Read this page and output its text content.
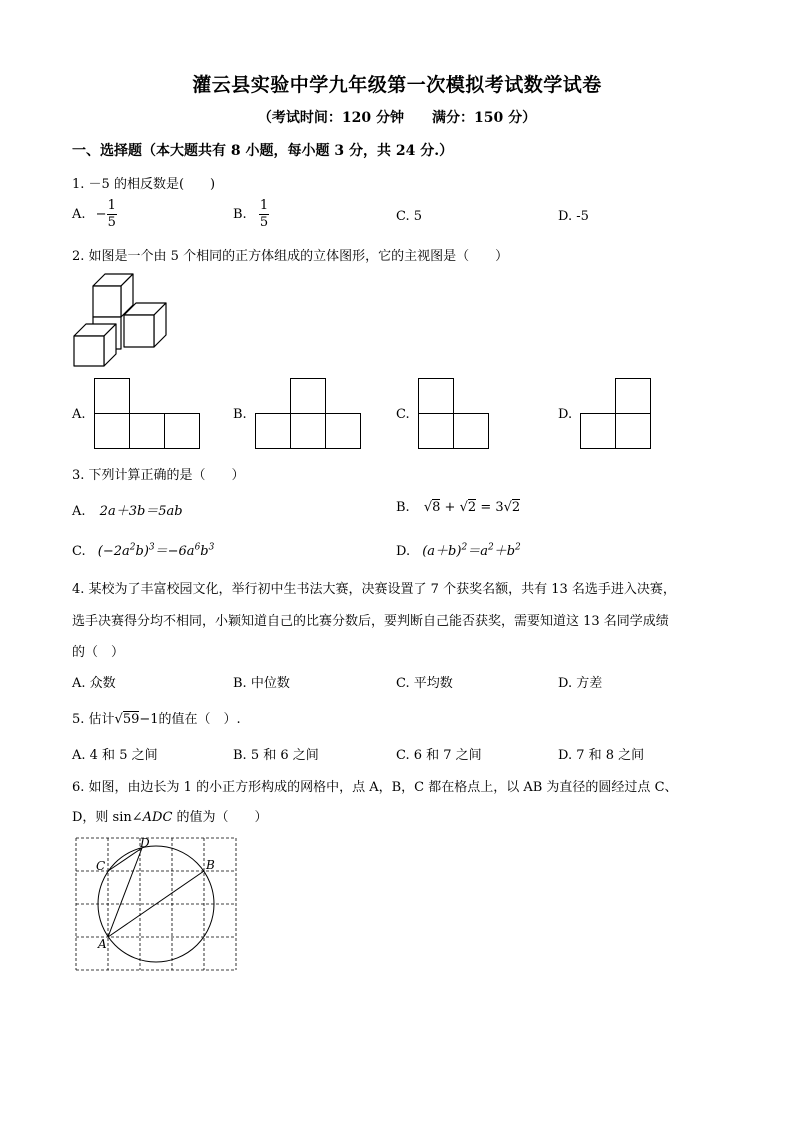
灌云县实验中学九年级第一次模拟考试数学试卷
（考试时间：120 分钟　　满分：150 分）
一、选择题（本大题共有 8 小题，每小题 3 分，共 24 分.）
1. －5 的相反数是(　　)
A. − $\frac{1}{5}$	B. $\frac{1}{5}$	C. 5	D. -5
2. 如图是一个由 5 个相同的正方体组成的立体图形，它的主视图是（　　）
A.	B.	C.	D.
3. 下列计算正确的是（　　）
A. 2a＋3b＝5ab	B. √8 + √2 = 3√2
C. $(-2a^2b)^3=-6a^6b^3$	D. $(a+b)^2=a^2+b^2$
4. 某校为了丰富校园文化，举行初中生书法大赛，决赛设置了 7 个获奖名额，共有 13 名选手进入决赛，
选手决赛得分均不相同，小颖知道自己的比赛分数后，要判断自己能否获奖，需要知道这 13 名同学成绩
的（　）
A. 众数	B. 中位数	C. 平均数	D. 方差
5. 估计√59−1的值在（　）.
A. 4 和 5 之间	B. 5 和 6 之间	C. 6 和 7 之间	D. 7 和 8 之间
6. 如图，由边长为 1 的小正方形构成的网格中，点 A，B，C 都在格点上，以 AB 为直径的圆经过点 C、
D，则 sin∠ADC 的值为（　　）
A
B
C
D
